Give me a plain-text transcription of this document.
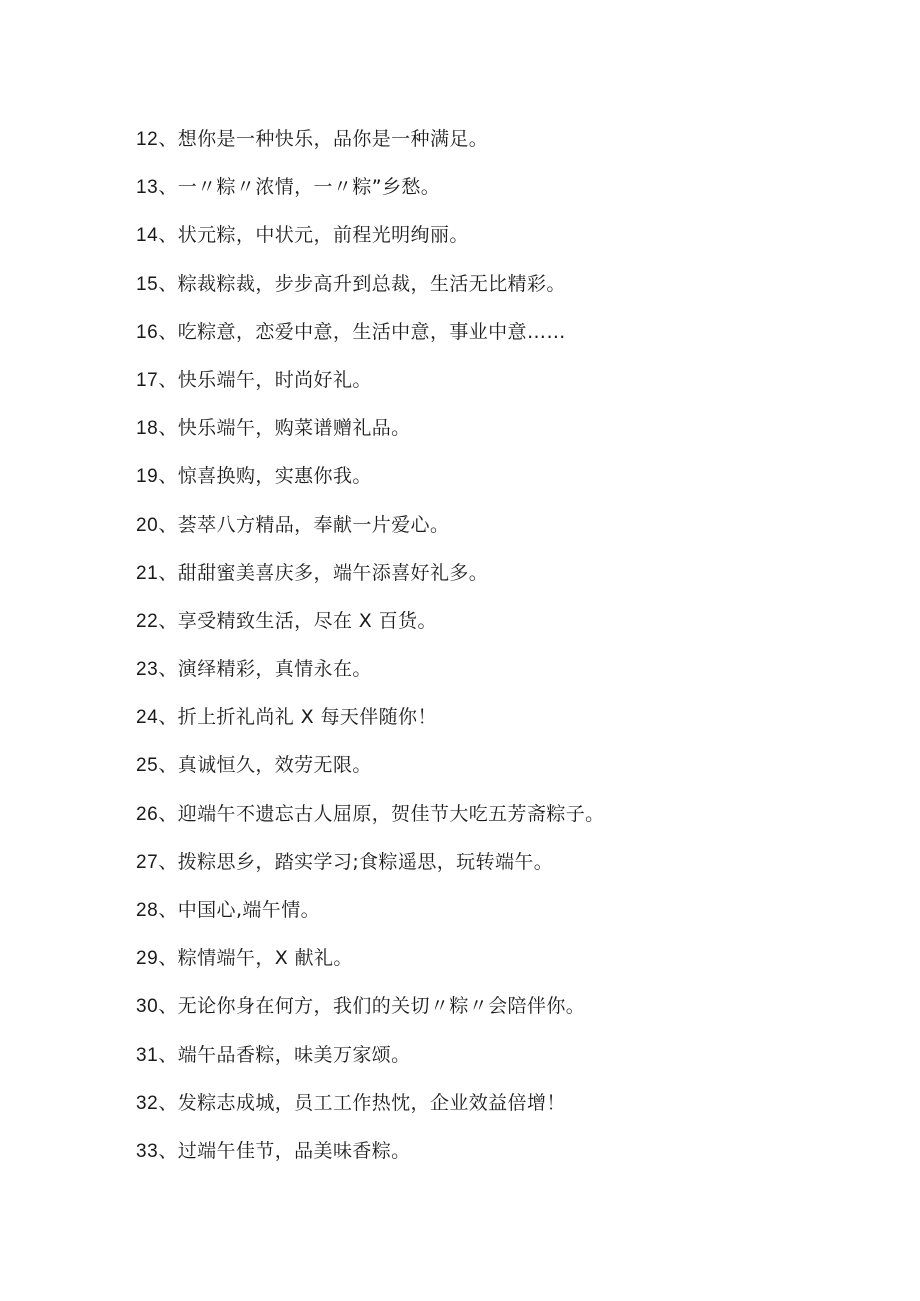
12、想你是一种快乐，品你是一种满足。
13、一〃粽〃浓情，一〃粽”乡愁。
14、状元粽，中状元，前程光明绚丽。
15、粽裁粽裁，步步高升到总裁，生活无比精彩。
16、吃粽意，恋爱中意，生活中意，事业中意……
17、快乐端午，时尚好礼。
18、快乐端午，购菜谱赠礼品。
19、惊喜换购，实惠你我。
20、荟萃八方精品，奉献一片爱心。
21、甜甜蜜美喜庆多，端午添喜好礼多。
22、享受精致生活，尽在 X 百货。
23、演绎精彩，真情永在。
24、折上折礼尚礼 X 每天伴随你！
25、真诚恒久，效劳无限。
26、迎端午不遗忘古人屈原，贺佳节大吃五芳斋粽子。
27、拨粽思乡，踏实学习;食粽遥思，玩转端午。
28、中国心,端午情。
29、粽情端午，X 献礼。
30、无论你身在何方，我们的关切〃粽〃会陪伴你。
31、端午品香粽，味美万家颂。
32、发粽志成城，员工工作热忱，企业效益倍增！
33、过端午佳节，品美味香粽。
